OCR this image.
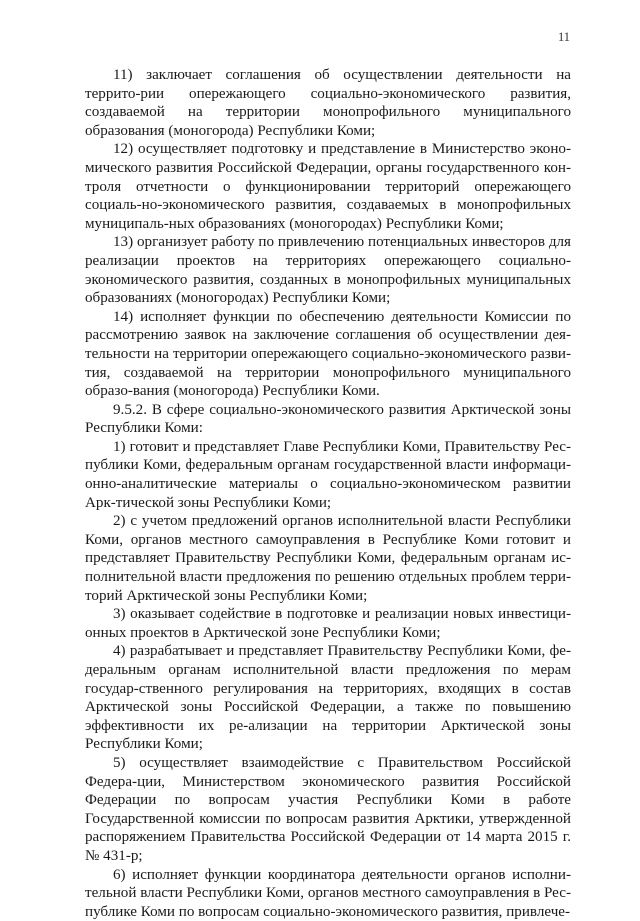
11

11) заключает соглашения об осуществлении деятельности на террито-рии опережающего социально-экономического развития, создаваемой на территории монопрофильного муниципального образования (моногорода) Республики Коми;

12) осуществляет подготовку и представление в Министерство эконо-мического развития Российской Федерации, органы государственного кон-троля отчетности о функционировании территорий опережающего социаль-но-экономического развития, создаваемых в монопрофильных муниципаль-ных образованиях (моногородах) Республики Коми;

13) организует работу по привлечению потенциальных инвесторов для реализации проектов на территориях опережающего социально-экономического развития, созданных в монопрофильных муниципальных образованиях (моногородах) Республики Коми;

14) исполняет функции по обеспечению деятельности Комиссии по рассмотрению заявок на заключение соглашения об осуществлении дея-тельности на территории опережающего социально-экономического разви-тия, создаваемой на территории монопрофильного муниципального образо-вания (моногорода) Республики Коми.

9.5.2. В сфере социально-экономического развития Арктической зоны Республики Коми:

1) готовит и представляет Главе Республики Коми, Правительству Рес-публики Коми, федеральным органам государственной власти информаци-онно-аналитические материалы о социально-экономическом развитии Арк-тической зоны Республики Коми;

2) с учетом предложений органов исполнительной власти Республики Коми, органов местного самоуправления в Республике Коми готовит и представляет Правительству Республики Коми, федеральным органам ис-полнительной власти предложения по решению отдельных проблем терри-торий Арктической зоны Республики Коми;

3) оказывает содействие в подготовке и реализации новых инвестици-онных проектов в Арктической зоне Республики Коми;

4) разрабатывает и представляет Правительству Республики Коми, фе-деральным органам исполнительной власти предложения по мерам государ-ственного регулирования на территориях, входящих в состав Арктической зоны Российской Федерации, а также по повышению эффективности их ре-ализации на территории Арктической зоны Республики Коми;

5) осуществляет взаимодействие с Правительством Российской Федера-ции, Министерством экономического развития Российской Федерации по вопросам участия Республики Коми в работе Государственной комиссии по вопросам развития Арктики, утвержденной распоряжением Правительства Российской Федерации от 14 марта 2015 г. № 431-р;

6) исполняет функции координатора деятельности органов исполни-тельной власти Республики Коми, органов местного самоуправления в Рес-публике Коми по вопросам социально-экономического развития, привлече-
